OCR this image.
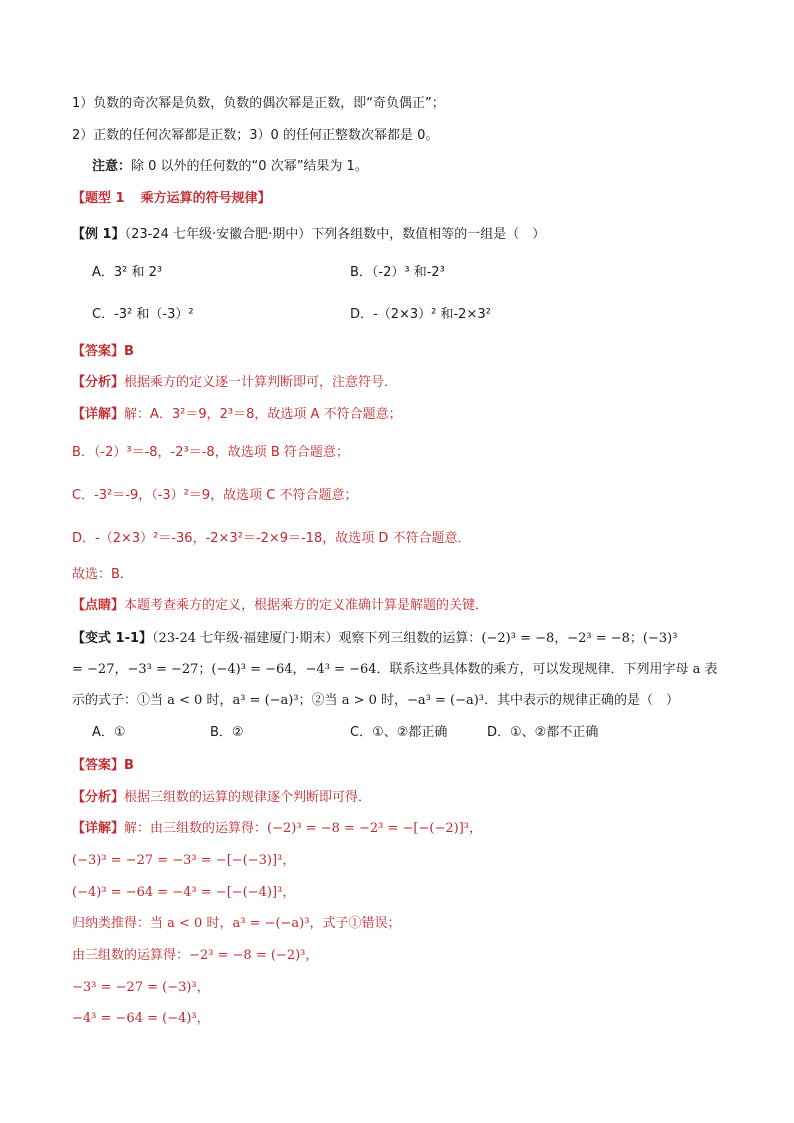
1）负数的奇次幂是负数，负数的偶次幂是正数，即“奇负偶正”；
2）正数的任何次幂都是正数；3）0 的任何正整数次幂都是 0。
注意：除 0 以外的任何数的“0 次幂”结果为 1。
【题型 1 乘方运算的符号规律】
【例 1】（23-24 七年级·安徽合肥·期中）下列各组数中，数值相等的一组是（　）
A．3² 和 2³	B．（-2）³ 和-2³
C．-3² 和（-3）²	D．-（2×3）² 和-2×3²
【答案】B
【分析】根据乘方的定义逐一计算判断即可，注意符号．
【详解】解：A．3²＝9，2³＝8，故选项 A 不符合题意；
B．（-2）³＝-8，-2³＝-8，故选项 B 符合题意；
C．-3²＝-9，（-3）²＝9，故选项 C 不符合题意；
D．-（2×3）²＝-36，-2×3²＝-2×9＝-18，故选项 D 不符合题意．
故选：B．
【点睛】本题考查乘方的定义，根据乘方的定义准确计算是解题的关键．
【变式 1-1】（23-24 七年级·福建厦门·期末）观察下列三组数的运算：(−2)³ = −8，−2³ = −8；(−3)³
= −27，−3³ = −27；(−4)³ = −64，−4³ = −64．联系这些具体数的乘方，可以发现规律．下列用字母 a 表
示的式子：①当 a < 0 时，a³ = (−a)³；②当 a > 0 时，−a³ = (−a)³．其中表示的规律正确的是（　）
A．①	B．②	C．①、②都正确	D．①、②都不正确
【答案】B
【分析】根据三组数的运算的规律逐个判断即可得．
【详解】解：由三组数的运算得：(−2)³ = −8 = −2³ = −[−(−2)]³，
(−3)³ = −27 = −3³ = −[−(−3)]³，
(−4)³ = −64 = −4³ = −[−(−4)]³，
归纳类推得：当 a < 0 时，a³ = −(−a)³，式子①错误；
由三组数的运算得：−2³ = −8 = (−2)³，
−3³ = −27 = (−3)³，
−4³ = −64 = (−4)³，
